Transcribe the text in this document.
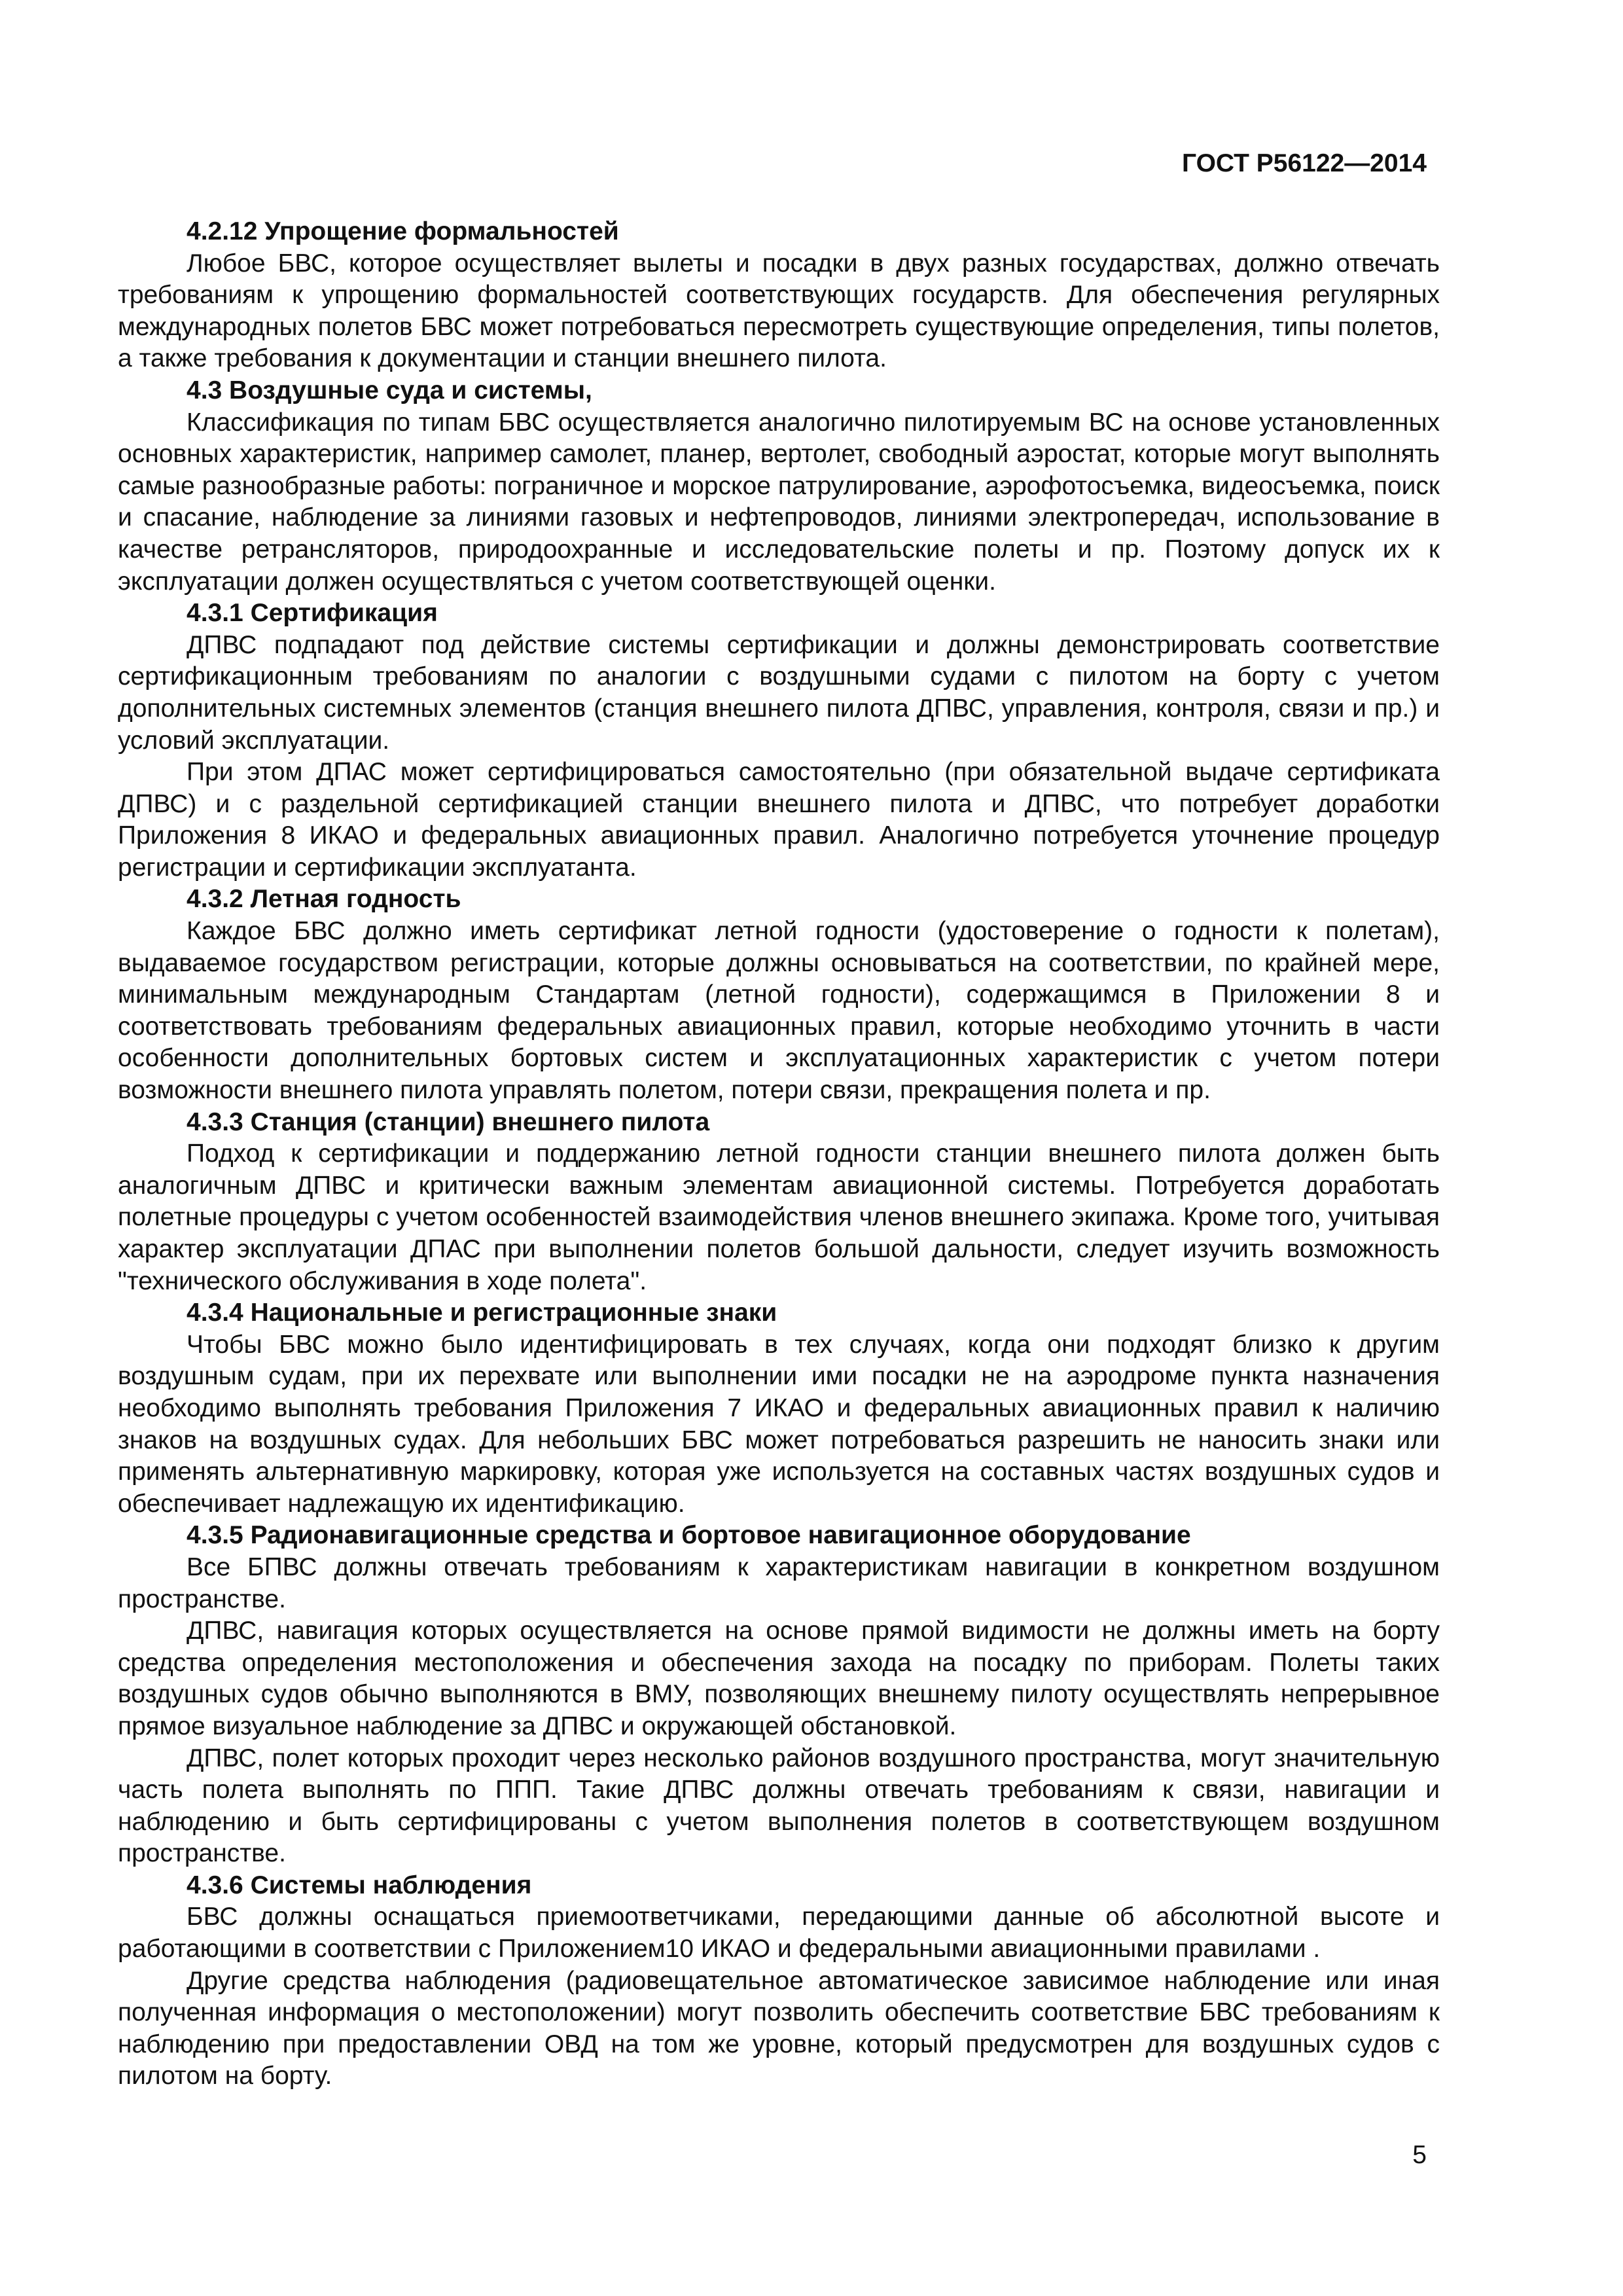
ГОСТ Р56122—2014
4.2.12 Упрощение формальностей

Любое БВС, которое осуществляет вылеты и посадки в двух разных государствах, должно отвечать требованиям к упрощению формальностей соответствующих государств. Для обеспечения регулярных международных полетов БВС может потребоваться пересмотреть существующие определения, типы полетов, а также требования к документации и станции внешнего пилота.

4.3 Воздушные суда и системы,

Классификация по типам БВС осуществляется аналогично пилотируемым ВС на основе установленных основных характеристик, например самолет, планер, вертолет, свободный аэростат, которые могут выполнять самые разнообразные работы: пограничное и морское патрулирование, аэрофотосъемка, видеосъемка, поиск и спасание, наблюдение за линиями газовых и нефтепроводов, линиями электропередач, использование в качестве ретрансляторов, природоохранные и исследовательские полеты и пр. Поэтому допуск их к эксплуатации должен осуществляться с учетом соответствующей оценки.

4.3.1 Сертификация

ДПВС подпадают под действие системы сертификации и должны демонстрировать соответствие сертификационным требованиям по аналогии с воздушными судами с пилотом на борту с учетом дополнительных системных элементов (станция внешнего пилота ДПВС, управления, контроля, связи и пр.) и условий эксплуатации.

При этом ДПАС может сертифицироваться самостоятельно (при обязательной выдаче сертификата ДПВС) и с раздельной сертификацией станции внешнего пилота и ДПВС, что потребует доработки Приложения 8 ИКАО и федеральных авиационных правил. Аналогично потребуется уточнение процедур регистрации и сертификации эксплуатанта.

4.3.2 Летная годность

Каждое БВС должно иметь сертификат летной годности (удостоверение о годности к полетам), выдаваемое государством регистрации, которые должны основываться на соответствии, по крайней мере, минимальным международным Стандартам (летной годности), содержащимся в Приложении 8 и соответствовать требованиям федеральных авиационных правил, которые необходимо уточнить в части особенности дополнительных бортовых систем и эксплуатационных характеристик с учетом потери возможности внешнего пилота управлять полетом, потери связи, прекращения полета и пр.

4.3.3 Станция (станции) внешнего пилота

Подход к сертификации и поддержанию летной годности станции внешнего пилота должен быть аналогичным ДПВС и критически важным элементам авиационной системы. Потребуется доработать полетные процедуры с учетом особенностей взаимодействия членов внешнего экипажа. Кроме того, учитывая характер эксплуатации ДПАС при выполнении полетов большой дальности, следует изучить возможность "технического обслуживания в ходе полета".

4.3.4 Национальные и регистрационные знаки

Чтобы БВС можно было идентифицировать в тех случаях, когда они подходят близко к другим воздушным судам, при их перехвате или выполнении ими посадки не на аэродроме пункта назначения необходимо выполнять требования Приложения 7 ИКАО и федеральных авиационных правил к наличию знаков на воздушных судах. Для небольших БВС может потребоваться разрешить не наносить знаки или применять альтернативную маркировку, которая уже используется на составных частях воздушных судов и обеспечивает надлежащую их идентификацию.

4.3.5 Радионавигационные средства и бортовое навигационное оборудование

Все БПВС должны отвечать требованиям к характеристикам навигации в конкретном воздушном пространстве.

ДПВС, навигация которых осуществляется на основе прямой видимости не должны иметь на борту средства определения местоположения и обеспечения захода на посадку по приборам. Полеты таких воздушных судов обычно выполняются в ВМУ, позволяющих внешнему пилоту осуществлять непрерывное прямое визуальное наблюдение за ДПВС и окружающей обстановкой.

ДПВС, полет которых проходит через несколько районов воздушного пространства, могут значительную часть полета выполнять по ППП. Такие ДПВС должны отвечать требованиям к связи, навигации и наблюдению и быть сертифицированы с учетом выполнения полетов в соответствующем воздушном пространстве.

4.3.6 Системы наблюдения

БВС должны оснащаться приемоответчиками, передающими данные об абсолютной высоте и работающими в соответствии с Приложением10 ИКАО и федеральными авиационными правилами .

Другие средства наблюдения (радиовещательное автоматическое зависимое наблюдение или иная полученная информация о местоположении) могут позволить обеспечить соответствие БВС требованиям к наблюдению при предоставлении ОВД на том же уровне, который предусмотрен для воздушных судов с пилотом на борту.

5
